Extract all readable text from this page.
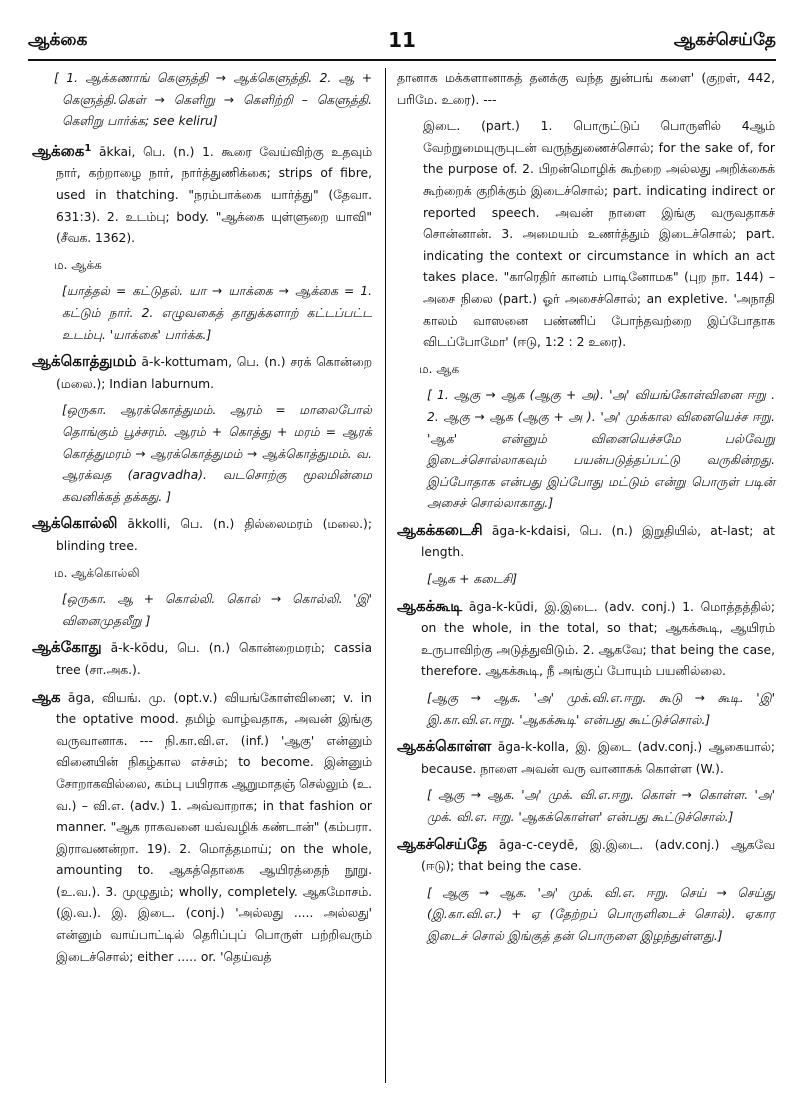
ஆக்கை	11	ஆகச்செய்தே

[ 1. ஆக்கணாங் கெளுத்தி → ஆக்கெளுத்தி. 2. ஆ + கெளுத்தி.கெள் → கெளிறு → கெளிற்றி – கெளுத்தி. கெளிறு பார்க்க; see keliru]

ஆக்கை$^1$ ākkai, பெ. (n.) 1. கூரை வேய்விற்கு உதவும் நார், கற்றாழை நார், நார்த்துணிக்கை; strips of fibre, used in thatching. "நரம்பாக்கை யார்த்து" (தேவா. 631:3). 2. உடம்பு; body. "ஆக்கை யுள்ளுறை யாவி" (சீவக. 1362).

ம. ஆக்க

[யாத்தல் = கட்டுதல். யா → யாக்கை → ஆக்கை = 1. கட்டும் நார். 2. எழுவகைத் தாதுக்களாற் கட்டப்பட்ட உடம்பு. 'யாக்கை' பார்க்க.]

ஆக்கொத்துமம் ā-k-kottumam, பெ. (n.) சரக் கொன்றை (மலை.); Indian laburnum.

[ஒருகா. ஆரக்கொத்துமம். ஆரம் = மாலைபோல் தொங்கும் பூச்சரம். ஆரம் + கொத்து + மரம் = ஆரக் கொத்துமரம் → ஆரக்கொத்துமம் → ஆக்கொத்துமம். வ. ஆரக்வத (aragvadha). வடசொற்கு மூலமின்மை கவனிக்கத் தக்கது. ]

ஆக்கொல்லி ākkolli, பெ. (n.) தில்லைமரம் (மலை.); blinding tree.

ம. ஆக்கொல்லி

[ஒருகா. ஆ + கொல்லி. கொல் → கொல்லி. 'இ' வினைமுதலீறு ]

ஆக்கோது ā-k-kōdu, பெ. (n.) கொன்றைமரம்; cassia tree (சா.அக.).

ஆக āga, வியங். மு. (opt.v.) வியங்கோள்வினை; v. in the optative mood. தமிழ் வாழ்வதாக, அவன் இங்கு வருவானாக. --- நி.கா.வி.எ. (inf.) 'ஆகு' என்னும் வினையின் நிகழ்கால எச்சம்; to become. இன்னும் சோறாகவில்லை, கம்பு பயிராக ஆறுமாதஞ் செல்லும் (உ. வ.) – வி.எ. (adv.) 1. அவ்வாறாக; in that fashion or manner. "ஆக ராகவனை யவ்வழிக் கண்டான்" (கம்பரா. இராவணன்றா. 19). 2. மொத்தமாய்; on the whole, amounting to. ஆகத்தொகை ஆயிரத்தைந் நூறு. (உ.வ.). 3. முழுதும்; wholly, completely. ஆகமோசம். (இ.வ.). இ. இடை. (conj.) 'அல்லது ..... அல்லது' என்னும் வாய்பாட்டில் தெரிப்புப் பொருள் பற்றிவரும் இடைச்சொல்; either ..... or. 'தெய்வத்

தானாக மக்களானாகத் தனக்கு வந்த துன்பங் களை' (குறள், 442, பரிமே. உரை). ---

இடை. (part.) 1. பொருட்டுப் பொருளில் 4ஆம் வேற்றுமையுருபுடன் வருந்துணைச்சொல்; for the sake of, for the purpose of. 2. பிறன்மொழிக் கூற்றை அல்லது அறிக்கைக் கூற்றைக் குறிக்கும் இடைச்சொல்; part. indicating indirect or reported speech. அவன் நாளை இங்கு வருவதாகச் சொன்னான். 3. அமையம் உணர்த்தும் இடைச்சொல்; part. indicating the context or circumstance in which an act takes place. "காரெதிர் கானம் பாடினோமக" (புற நா. 144) – அசை நிலை (part.) ஓர் அசைச்சொல்; an expletive. 'அநாதி காலம் வாஸனை பண்ணிப் போந்தவற்றை இப்போதாக விடப்போமோ' (ஈடு, 1:2 : 2 உரை).

ம. ஆக

[ 1. ஆகு → ஆக (ஆகு + அ). 'அ' வியங்கோள்வினை ஈறு . 2. ஆகு → ஆக (ஆகு + அ ). 'அ' முக்கால வினையெச்ச ஈறு. 'ஆக' என்னும் வினையெச்சமே பல்வேறு இடைச்சொல்லாகவும் பயன்படுத்தப்பட்டு வருகின்றது. இப்போதாக என்பது இப்போது மட்டும் என்று பொருள் படின் அசைச் சொல்லாகாது.]

ஆகக்கடைசி āga-k-kdaisi, பெ. (n.) இறுதியில், at-last; at length.

[ஆக + கடைசி]

ஆகக்கூடி āga-k-kūdi, இ.இடை. (adv. conj.) 1. மொத்தத்தில்; on the whole, in the total, so that; ஆகக்கூடி, ஆயிரம் உருபாவிற்கு அடுத்துவிடும். 2. ஆகவே; that being the case, therefore. ஆகக்கூடி, நீ அங்குப் போயும் பயனில்லை.

[ஆகு → ஆக. 'அ' முக்.வி.எ.ஈறு. கூடு → கூடி. 'இ' இ.கா.வி.எ.ஈறு. 'ஆகக்கூடி' என்பது கூட்டுச்சொல்.]

ஆகக்கொள்ள āga-k-kolla, இ. இடை (adv.conj.) ஆகையால்; because. நாளை அவன் வரு வானாகக் கொள்ள (W.).

[ ஆகு → ஆக. 'அ' முக். வி.எ.ஈறு. கொள் → கொள்ள. 'அ' முக். வி.எ. ஈறு. 'ஆகக்கொள்ள' என்பது கூட்டுச்சொல்.]

ஆகச்செய்தே āga-c-ceydē, இ.இடை. (adv.conj.) ஆகவே (ஈடு); that being the case.

[ ஆகு → ஆக. 'அ' முக். வி.எ. ஈறு. செய் → செய்து (இ.கா.வி.எ.) + ஏ (தேற்றப் பொருளிடைச் சொல்). ஏகார இடைச் சொல் இங்குத் தன் பொருளை இழந்துள்ளது.]
